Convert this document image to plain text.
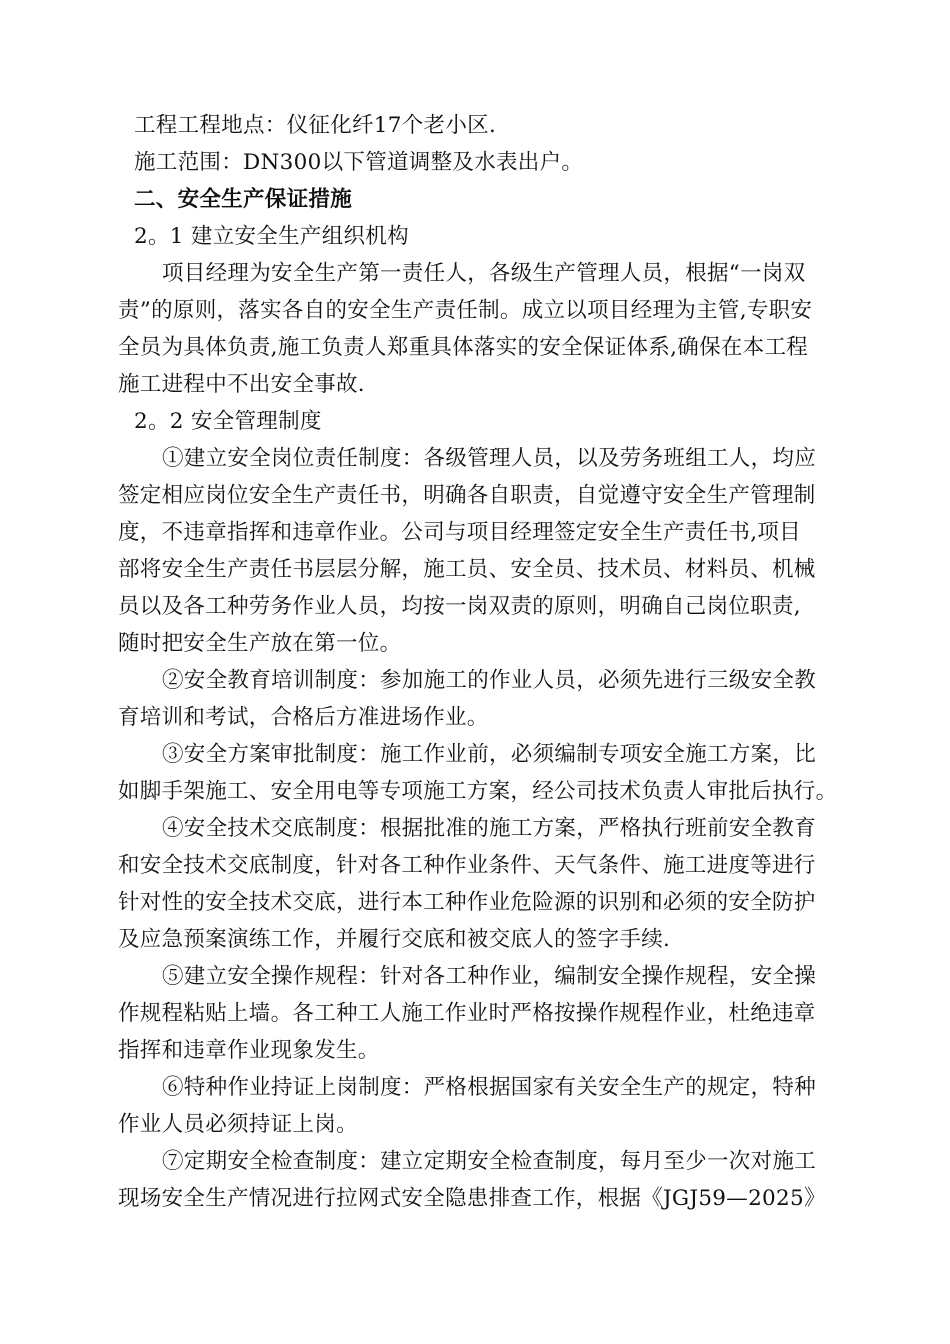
工程工程地点：仪征化纤17个老小区.
施工范围：DN300以下管道调整及水表出户。
二、安全生产保证措施
2。1 建立安全生产组织机构
项目经理为安全生产第一责任人，各级生产管理人员，根据“一岗双
责”的原则，落实各自的安全生产责任制。成立以项目经理为主管,专职安
全员为具体负责,施工负责人郑重具体落实的安全保证体系,确保在本工程
施工进程中不出安全事故.
2。2 安全管理制度
①建立安全岗位责任制度：各级管理人员，以及劳务班组工人，均应
签定相应岗位安全生产责任书，明确各自职责，自觉遵守安全生产管理制
度，不违章指挥和违章作业。公司与项目经理签定安全生产责任书,项目
部将安全生产责任书层层分解，施工员、安全员、技术员、材料员、机械
员以及各工种劳务作业人员，均按一岗双责的原则，明确自己岗位职责,
随时把安全生产放在第一位。
②安全教育培训制度：参加施工的作业人员，必须先进行三级安全教
育培训和考试，合格后方准进场作业。
③安全方案审批制度：施工作业前，必须编制专项安全施工方案，比
如脚手架施工、安全用电等专项施工方案，经公司技术负责人审批后执行。
④安全技术交底制度：根据批准的施工方案，严格执行班前安全教育
和安全技术交底制度，针对各工种作业条件、天气条件、施工进度等进行
针对性的安全技术交底，进行本工种作业危险源的识别和必须的安全防护
及应急预案演练工作，并履行交底和被交底人的签字手续.
⑤建立安全操作规程：针对各工种作业，编制安全操作规程，安全操
作规程粘贴上墙。各工种工人施工作业时严格按操作规程作业，杜绝违章
指挥和违章作业现象发生。
⑥特种作业持证上岗制度：严格根据国家有关安全生产的规定，特种
作业人员必须持证上岗。
⑦定期安全检查制度：建立定期安全检查制度，每月至少一次对施工
现场安全生产情况进行拉网式安全隐患排查工作，根据《JGJ59—2025》
